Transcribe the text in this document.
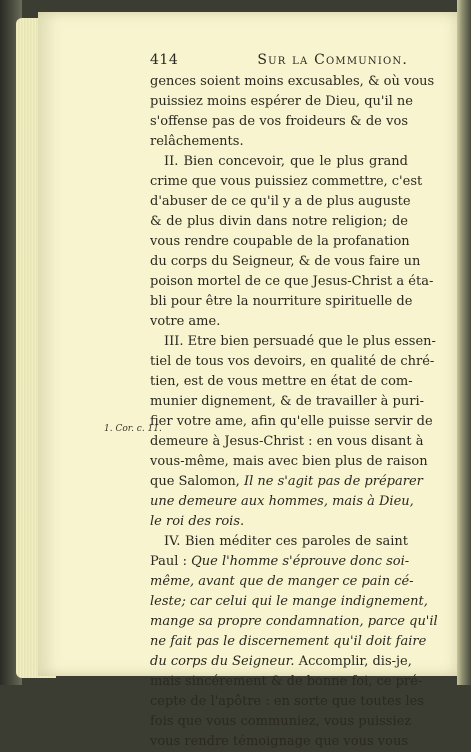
1. Cor. c. 11.
414	Sur la Communion.
gences soient moins excusables, & où vous
puissiez moins espérer de Dieu, qu'il ne
s'offense pas de vos froideurs & de vos
relâchements.
II. Bien concevoir, que le plus grand
crime que vous puissiez commettre, c'est
d'abuser de ce qu'il y a de plus auguste
& de plus divin dans notre religion; de
vous rendre coupable de la profanation
du corps du Seigneur, & de vous faire un
poison mortel de ce que Jesus-Christ a éta-
bli pour être la nourriture spirituelle de
votre ame.
III. Etre bien persuadé que le plus essen-
tiel de tous vos devoirs, en qualité de chré-
tien, est de vous mettre en état de com-
munier dignement, & de travailler à puri-
fier votre ame, afin qu'elle puisse servir de
demeure à Jesus-Christ : en vous disant à
vous-même, mais avec bien plus de raison
que Salomon, Il ne s'agit pas de préparer
une demeure aux hommes, mais à Dieu,
le roi des rois.
IV. Bien méditer ces paroles de saint
Paul : Que l'homme s'éprouve donc soi-
même, avant que de manger ce pain cé-
leste; car celui qui le mange indignement,
mange sa propre condamnation, parce qu'il
ne fait pas le discernement qu'il doit faire
du corps du Seigneur. Accomplir, dis-je,
mais sincérement & de bonne foi, ce pré-
cepte de l'apôtre : en sorte que toutes les
fois que vous communiez, vous puissiez
vous rendre témoignage que vous vous
